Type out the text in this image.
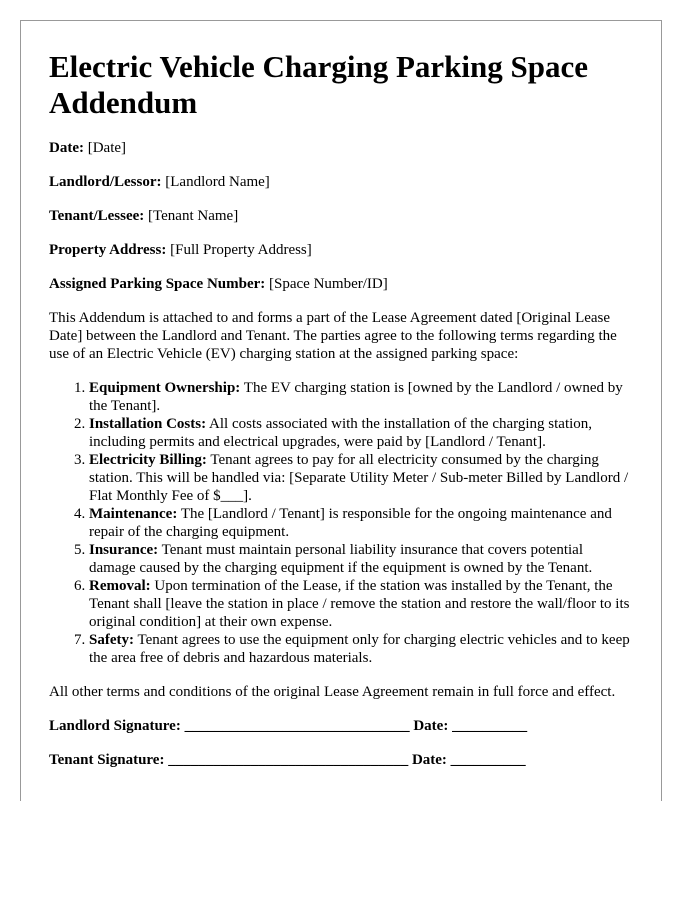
Electric Vehicle Charging Parking Space Addendum

Date: [Date]

Landlord/Lessor: [Landlord Name]

Tenant/Lessee: [Tenant Name]

Property Address: [Full Property Address]

Assigned Parking Space Number: [Space Number/ID]

This Addendum is attached to and forms a part of the Lease Agreement dated [Original Lease Date] between the Landlord and Tenant. The parties agree to the following terms regarding the use of an Electric Vehicle (EV) charging station at the assigned parking space:

1. Equipment Ownership: The EV charging station is [owned by the Landlord / owned by the Tenant].
2. Installation Costs: All costs associated with the installation of the charging station, including permits and electrical upgrades, were paid by [Landlord / Tenant].
3. Electricity Billing: Tenant agrees to pay for all electricity consumed by the charging station. This will be handled via: [Separate Utility Meter / Sub-meter Billed by Landlord / Flat Monthly Fee of $___].
4. Maintenance: The [Landlord / Tenant] is responsible for the ongoing maintenance and repair of the charging equipment.
5. Insurance: Tenant must maintain personal liability insurance that covers potential damage caused by the charging equipment if the equipment is owned by the Tenant.
6. Removal: Upon termination of the Lease, if the station was installed by the Tenant, the Tenant shall [leave the station in place / remove the station and restore the wall/floor to its original condition] at their own expense.
7. Safety: Tenant agrees to use the equipment only for charging electric vehicles and to keep the area free of debris and hazardous materials.

All other terms and conditions of the original Lease Agreement remain in full force and effect.

Landlord Signature: ______________________________ Date: __________

Tenant Signature: ________________________________ Date: __________
